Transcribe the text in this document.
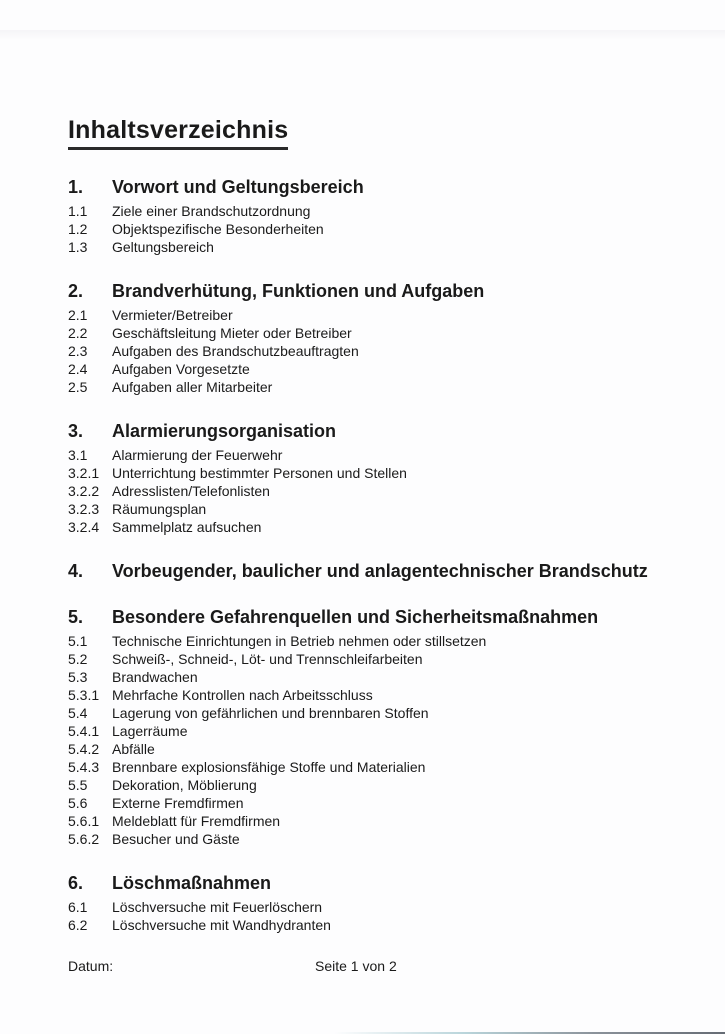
Inhaltsverzeichnis
1.	Vorwort und Geltungsbereich
1.1	Ziele einer Brandschutzordnung
1.2	Objektspezifische Besonderheiten
1.3	Geltungsbereich
2.	Brandverhütung, Funktionen und Aufgaben
2.1	Vermieter/Betreiber
2.2	Geschäftsleitung Mieter oder Betreiber
2.3	Aufgaben des Brandschutzbeauftragten
2.4	Aufgaben Vorgesetzte
2.5	Aufgaben aller Mitarbeiter
3.	Alarmierungsorganisation
3.1	Alarmierung der Feuerwehr
3.2.1 Unterrichtung bestimmter Personen und Stellen
3.2.2 Adresslisten/Telefonlisten
3.2.3 Räumungsplan
3.2.4 Sammelplatz aufsuchen
4.	Vorbeugender, baulicher und anlagentechnischer Brandschutz
5.	Besondere Gefahrenquellen und Sicherheitsmaßnahmen
5.1	Technische Einrichtungen in Betrieb nehmen oder stillsetzen
5.2	Schweiß-, Schneid-, Löt- und Trennschleifarbeiten
5.3	Brandwachen
5.3.1 Mehrfache Kontrollen nach Arbeitsschluss
5.4	Lagerung von gefährlichen und brennbaren Stoffen
5.4.1 Lagerräume
5.4.2 Abfälle
5.4.3 Brennbare explosionsfähige Stoffe und Materialien
5.5	Dekoration, Möblierung
5.6	Externe Fremdfirmen
5.6.1 Meldeblatt für Fremdfirmen
5.6.2 Besucher und Gäste
6.	Löschmaßnahmen
6.1	Löschversuche mit Feuerlöschern
6.2	Löschversuche mit Wandhydranten
Datum:	Seite 1 von 2
